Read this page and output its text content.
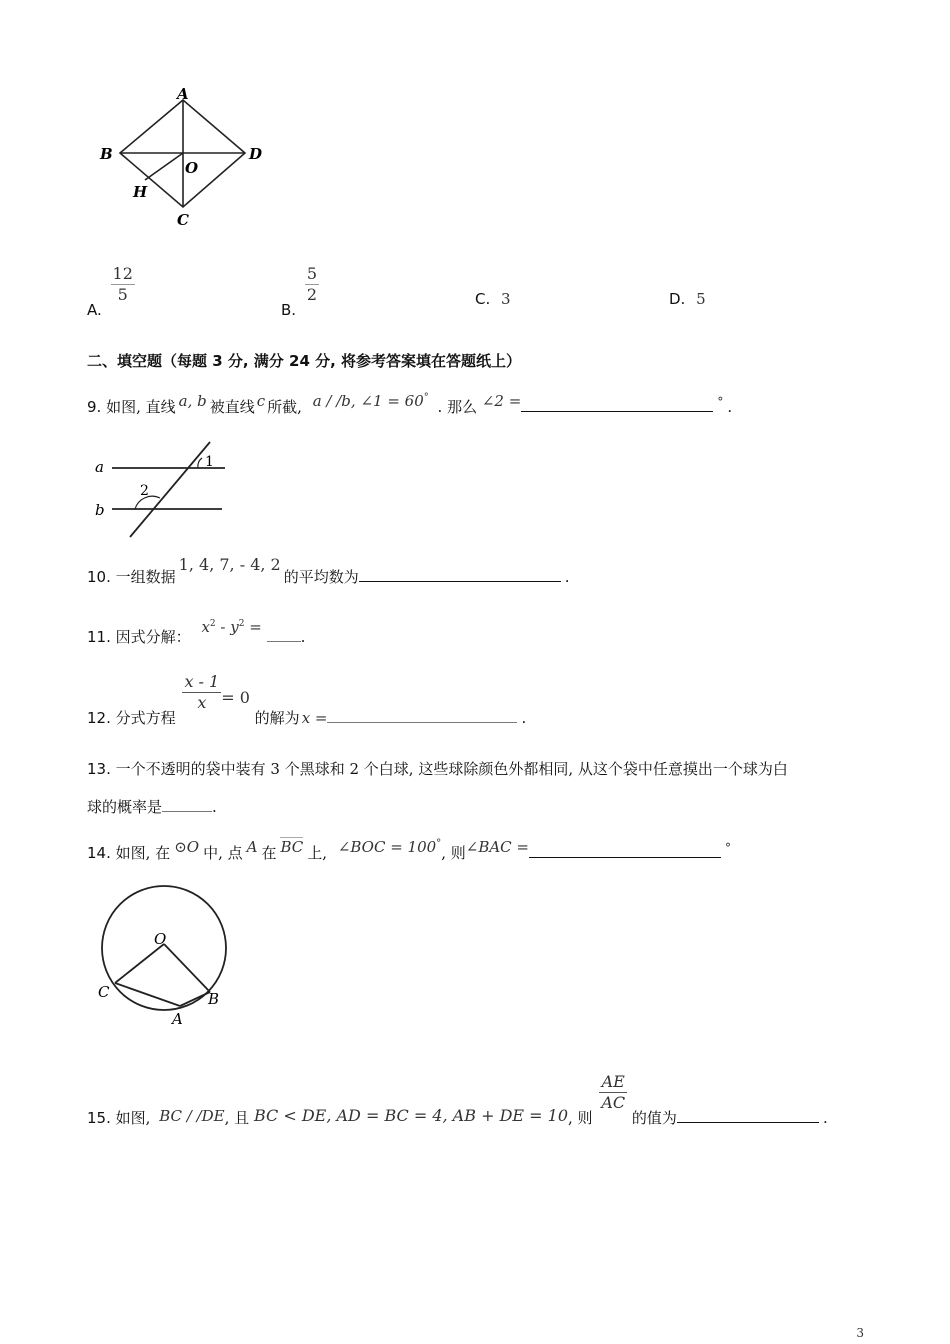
A
B	D
O
H
C
A.
$\frac{12}{5}$
B.
$\frac{5}{2}$	C. 3	D. 5
二、填空题（每题 3 分, 满分 24 分, 将参考答案填在答题纸上）
9. 如图, 直线 a, b 被直线 c 所截, a / /b, ∠1 = 60° . 那么 ∠2 =	° .
a
b
1
2
10. 一组数据1, 4, 7, - 4, 2的平均数为	.
11. 因式分解： $x^2 - y^2$ = .
12. 分式方程
$\frac{x - 1}{x} = 0$ 的解为 x =	.
13. 一个不透明的袋中装有 3 个黑球和 2 个白球, 这些球除颜色外都相同, 从这个袋中任意摸出一个球为白
球的概率是	.
14. 如图, 在 ⊙O 中, 点 A 在 BC 上, ∠BOC = 100°, 则∠BAC =	°
O
C	B
A
15. 如图, BC / /DE, 且 BC < DE, AD = BC = 4, AB + DE = 10, 则
$\frac{AE}{AC}$
的值为	.
3
